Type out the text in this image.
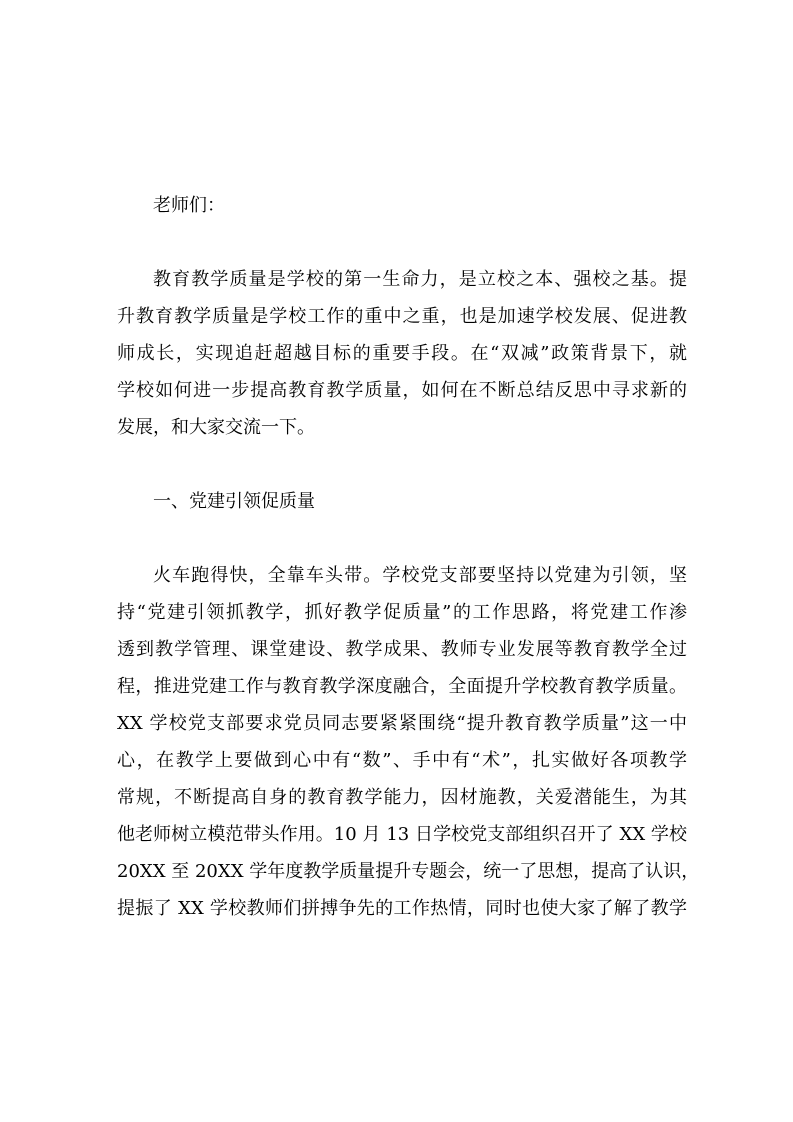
老师们：
教育教学质量是学校的第一生命力，是立校之本、强校之基。提
升教育教学质量是学校工作的重中之重，也是加速学校发展、促进教
师成长，实现追赶超越目标的重要手段。在“双减”政策背景下，就
学校如何进一步提高教育教学质量，如何在不断总结反思中寻求新的
发展，和大家交流一下。
一、党建引领促质量
火车跑得快，全靠车头带。学校党支部要坚持以党建为引领，坚
持“党建引领抓教学，抓好教学促质量”的工作思路，将党建工作渗
透到教学管理、课堂建设、教学成果、教师专业发展等教育教学全过
程，推进党建工作与教育教学深度融合，全面提升学校教育教学质量。
XX 学校党支部要求党员同志要紧紧围绕“提升教育教学质量”这一中
心，在教学上要做到心中有“数”、手中有“术”，扎实做好各项教学
常规，不断提高自身的教育教学能力，因材施教，关爱潜能生，为其
他老师树立模范带头作用。10 月 13 日学校党支部组织召开了 XX 学校
20XX 至 20XX 学年度教学质量提升专题会，统一了思想，提高了认识，
提振了 XX 学校教师们拼搏争先的工作热情，同时也使大家了解了教学
